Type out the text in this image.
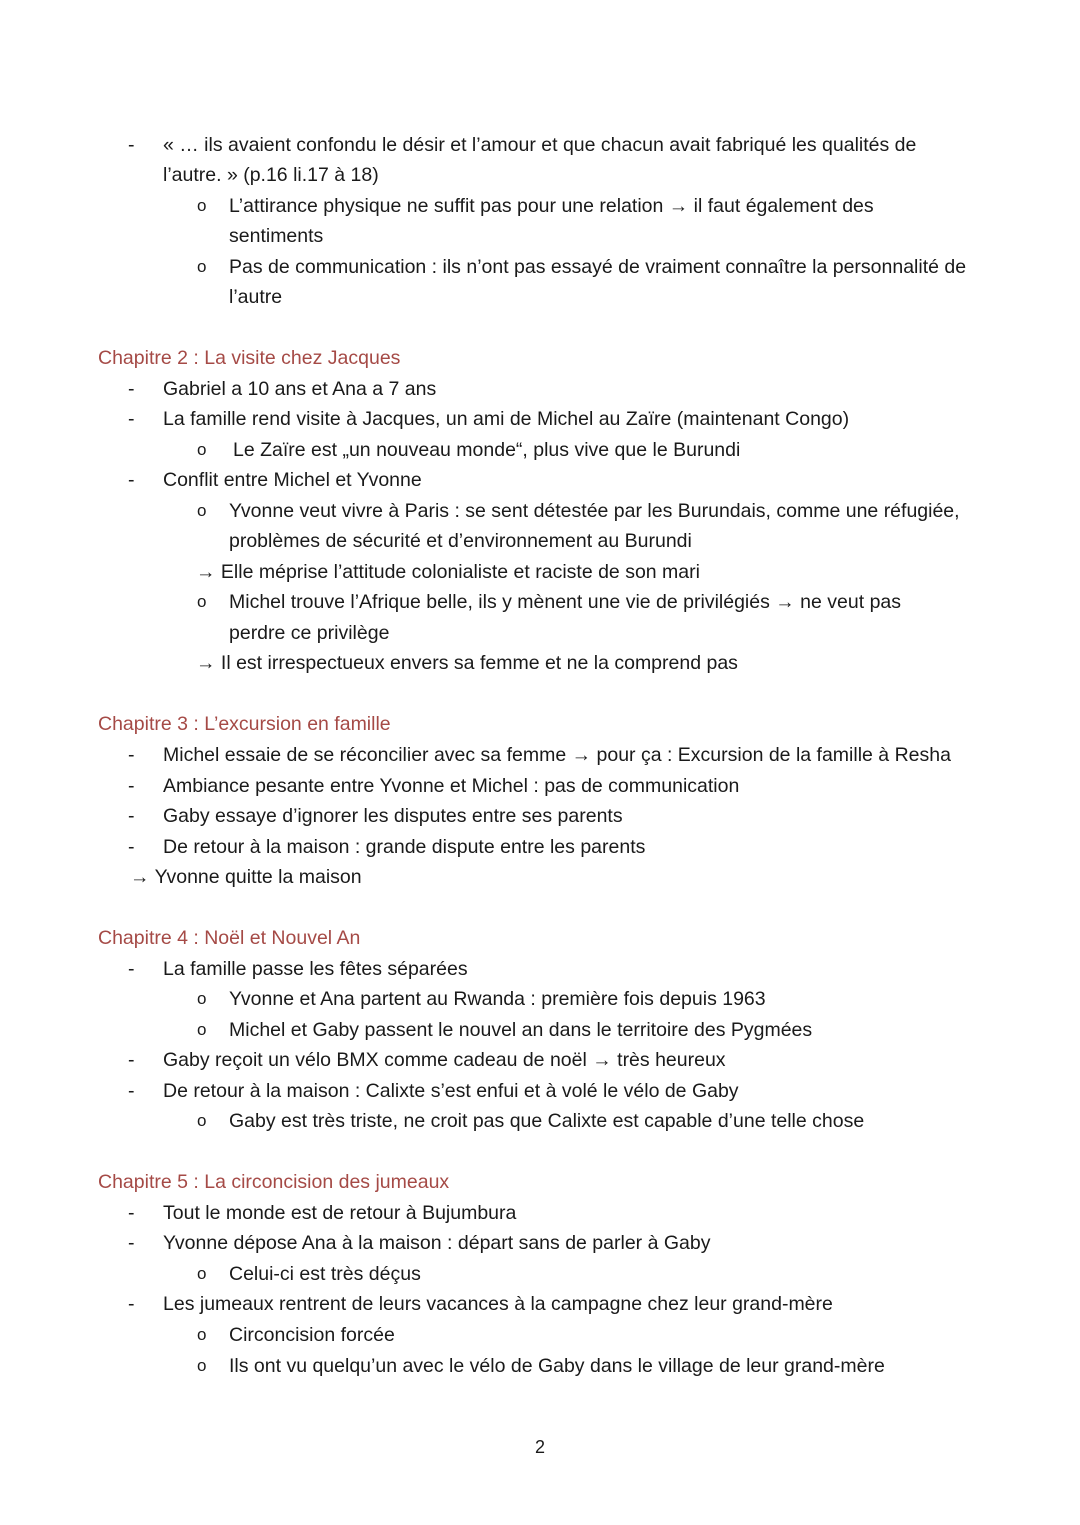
- « … ils avaient confondu le désir et l’amour et que chacun avait fabriqué les qualités de
l’autre. » (p.16 li.17 à 18)
o L’attirance physique ne suffit pas pour une relation → il faut également des
sentiments
o Pas de communication : ils n’ont pas essayé de vraiment connaître la personnalité de
l’autre
Chapitre 2 : La visite chez Jacques
- Gabriel a 10 ans et Ana a 7 ans
- La famille rend visite à Jacques, un ami de Michel au Zaïre (maintenant Congo)
o Le Zaïre est „un nouveau monde“, plus vive que le Burundi
- Conflit entre Michel et Yvonne
o Yvonne veut vivre à Paris : se sent détestée par les Burundais, comme une réfugiée,
problèmes de sécurité et d’environnement au Burundi
→ Elle méprise l’attitude colonialiste et raciste de son mari
o Michel trouve l’Afrique belle, ils y mènent une vie de privilégiés → ne veut pas
perdre ce privilège
→ Il est irrespectueux envers sa femme et ne la comprend pas
Chapitre 3 : L’excursion en famille
- Michel essaie de se réconcilier avec sa femme → pour ça : Excursion de la famille à Resha
- Ambiance pesante entre Yvonne et Michel : pas de communication
- Gaby essaye d’ignorer les disputes entre ses parents
- De retour à la maison : grande dispute entre les parents
→ Yvonne quitte la maison
Chapitre 4 : Noël et Nouvel An
- La famille passe les fêtes séparées
o Yvonne et Ana partent au Rwanda : première fois depuis 1963
o Michel et Gaby passent le nouvel an dans le territoire des Pygmées
- Gaby reçoit un vélo BMX comme cadeau de noël → très heureux
- De retour à la maison : Calixte s’est enfui et à volé le vélo de Gaby
o Gaby est très triste, ne croit pas que Calixte est capable d’une telle chose
Chapitre 5 : La circoncision des jumeaux
- Tout le monde est de retour à Bujumbura
- Yvonne dépose Ana à la maison : départ sans de parler à Gaby
o Celui-ci est très déçus
- Les jumeaux rentrent de leurs vacances à la campagne chez leur grand-mère
o Circoncision forcée
o Ils ont vu quelqu’un avec le vélo de Gaby dans le village de leur grand-mère
2
